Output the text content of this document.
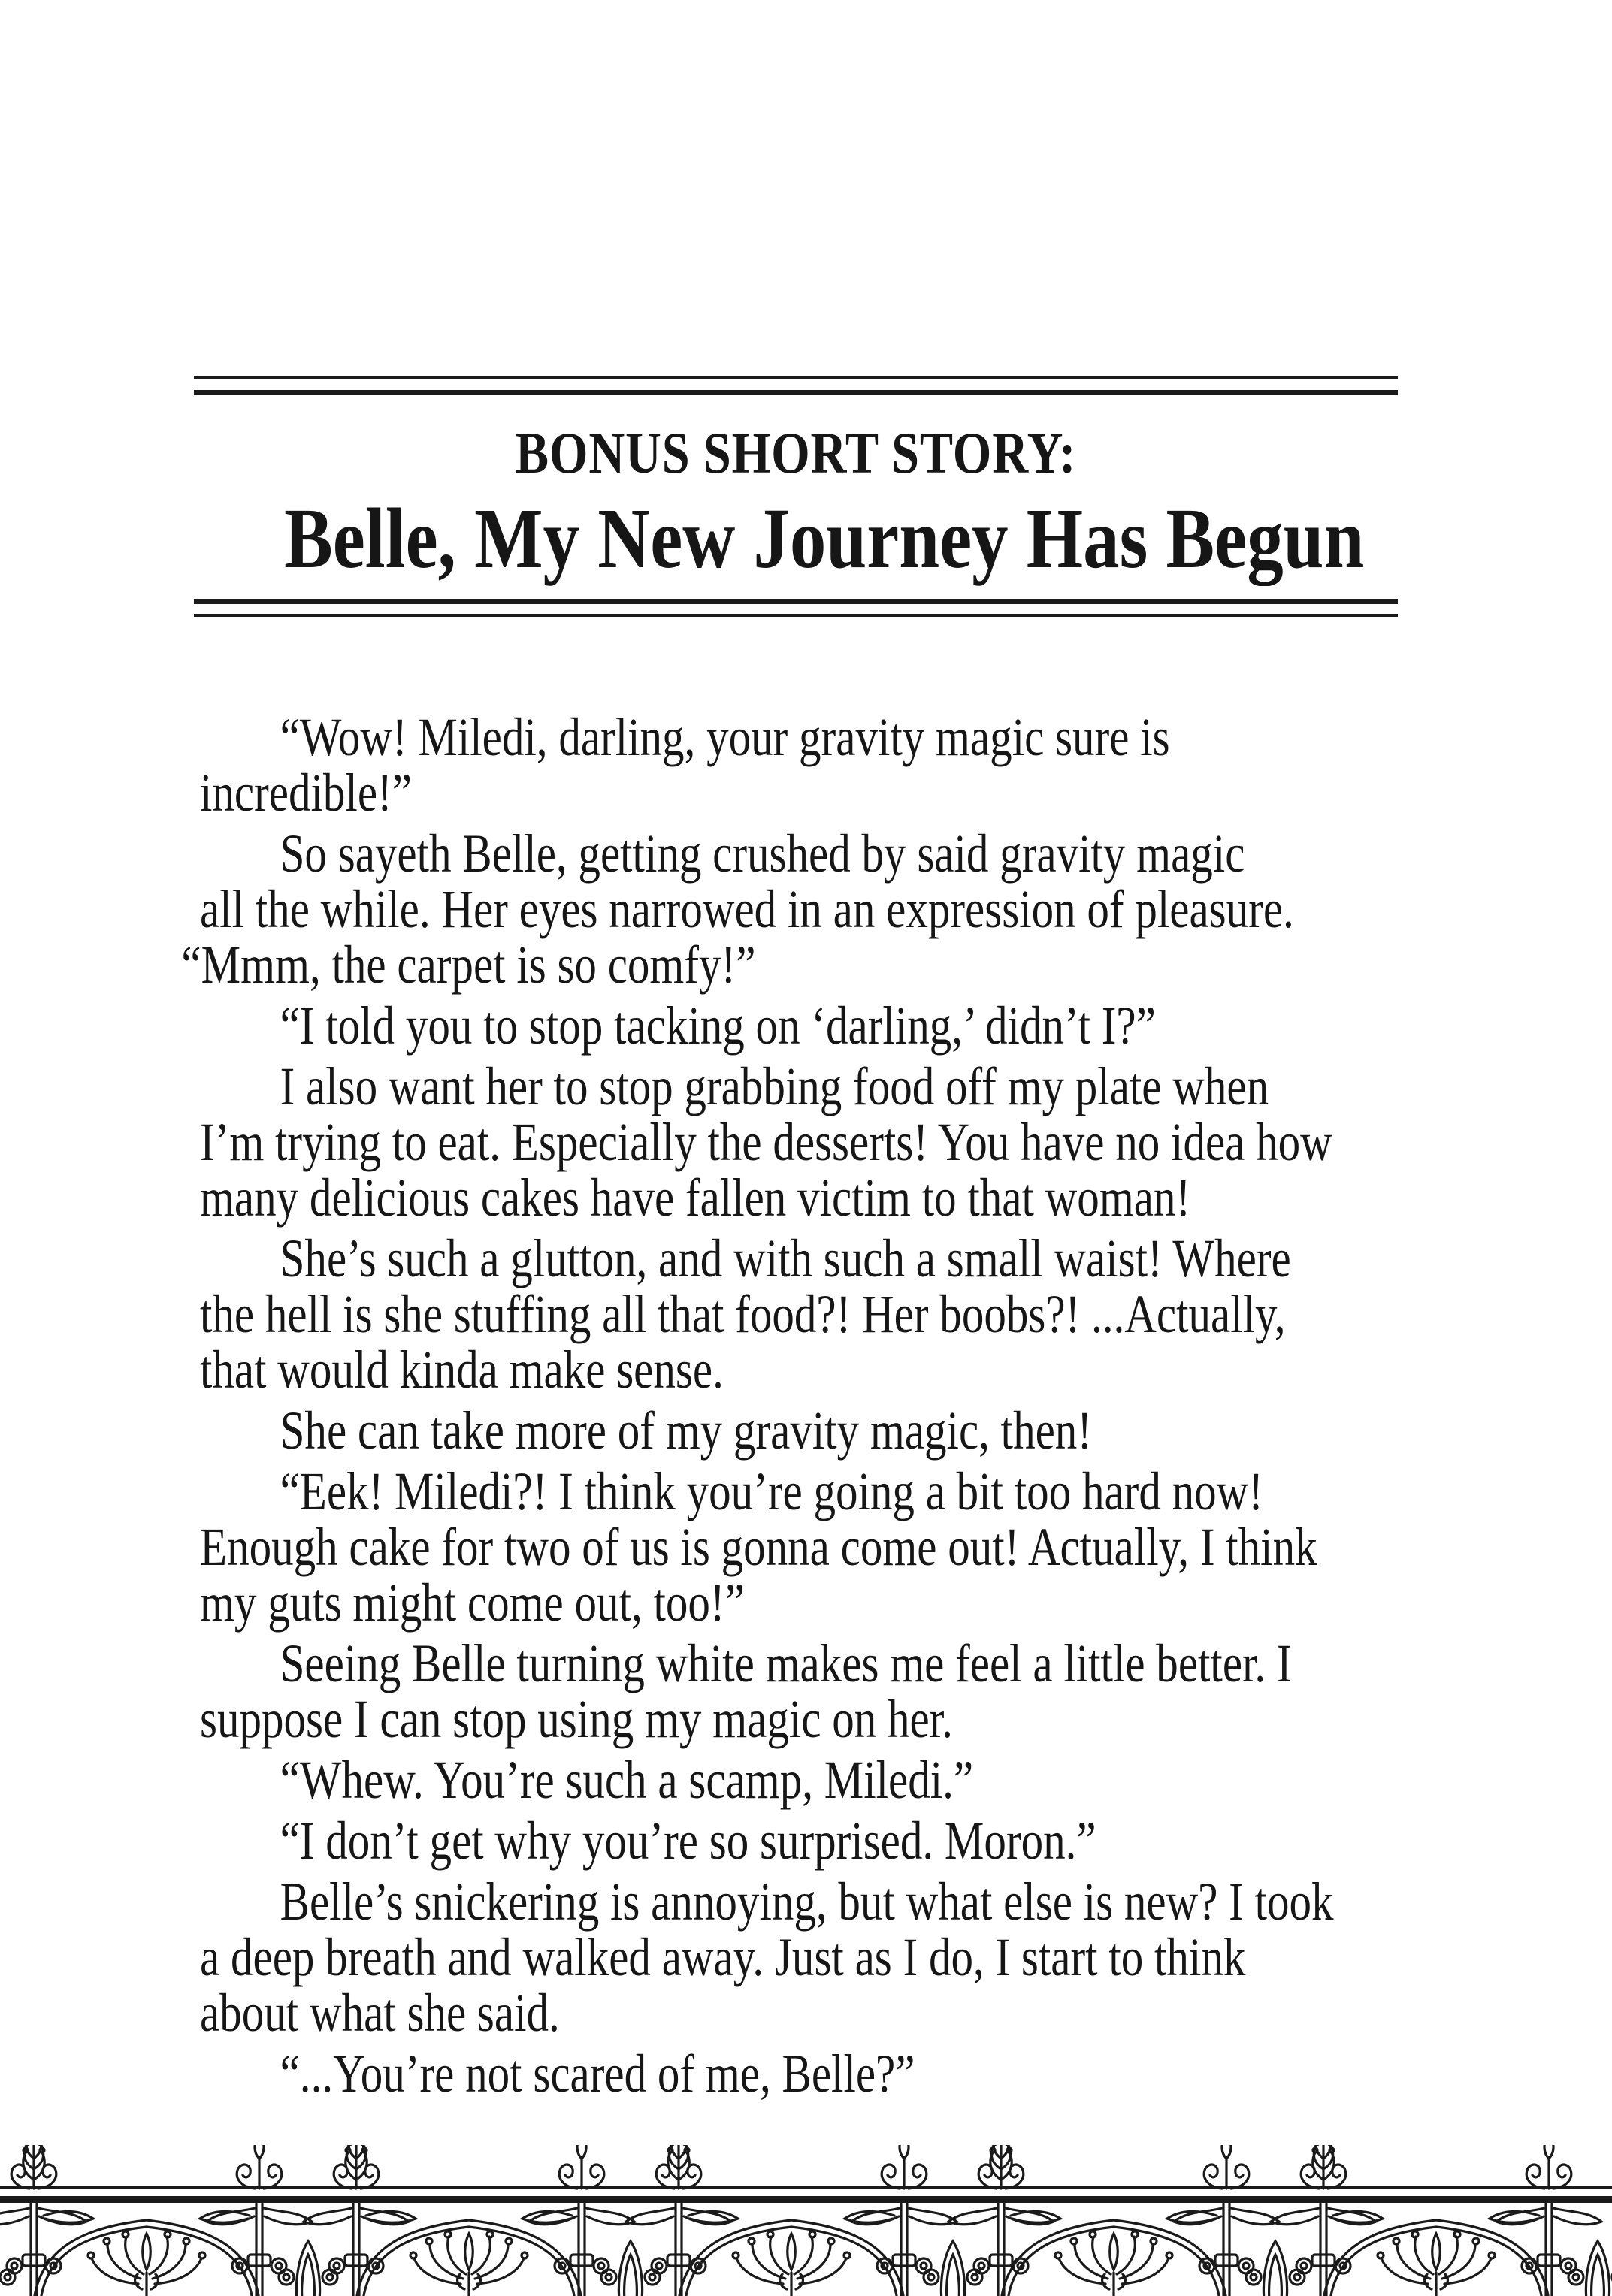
BONUS SHORT STORY:
Belle, My New Journey Has Begun
“Wow! Miledi, darling, your gravity magic sure is
incredible!”
So sayeth Belle, getting crushed by said gravity magic
all the while. Her eyes narrowed in an expression of pleasure.
“Mmm, the carpet is so comfy!”
“I told you to stop tacking on ‘darling,’ didn’t I?”
I also want her to stop grabbing food off my plate when
I’m trying to eat. Especially the desserts! You have no idea how
many delicious cakes have fallen victim to that woman!
She’s such a glutton, and with such a small waist! Where
the hell is she stuffing all that food?! Her boobs?! ...Actually,
that would kinda make sense.
She can take more of my gravity magic, then!
“Eek! Miledi?! I think you’re going a bit too hard now!
Enough cake for two of us is gonna come out! Actually, I think
my guts might come out, too!”
Seeing Belle turning white makes me feel a little better. I
suppose I can stop using my magic on her.
“Whew. You’re such a scamp, Miledi.”
“I don’t get why you’re so surprised. Moron.”
Belle’s snickering is annoying, but what else is new? I took
a deep breath and walked away. Just as I do, I start to think
about what she said.
“...You’re not scared of me, Belle?”
